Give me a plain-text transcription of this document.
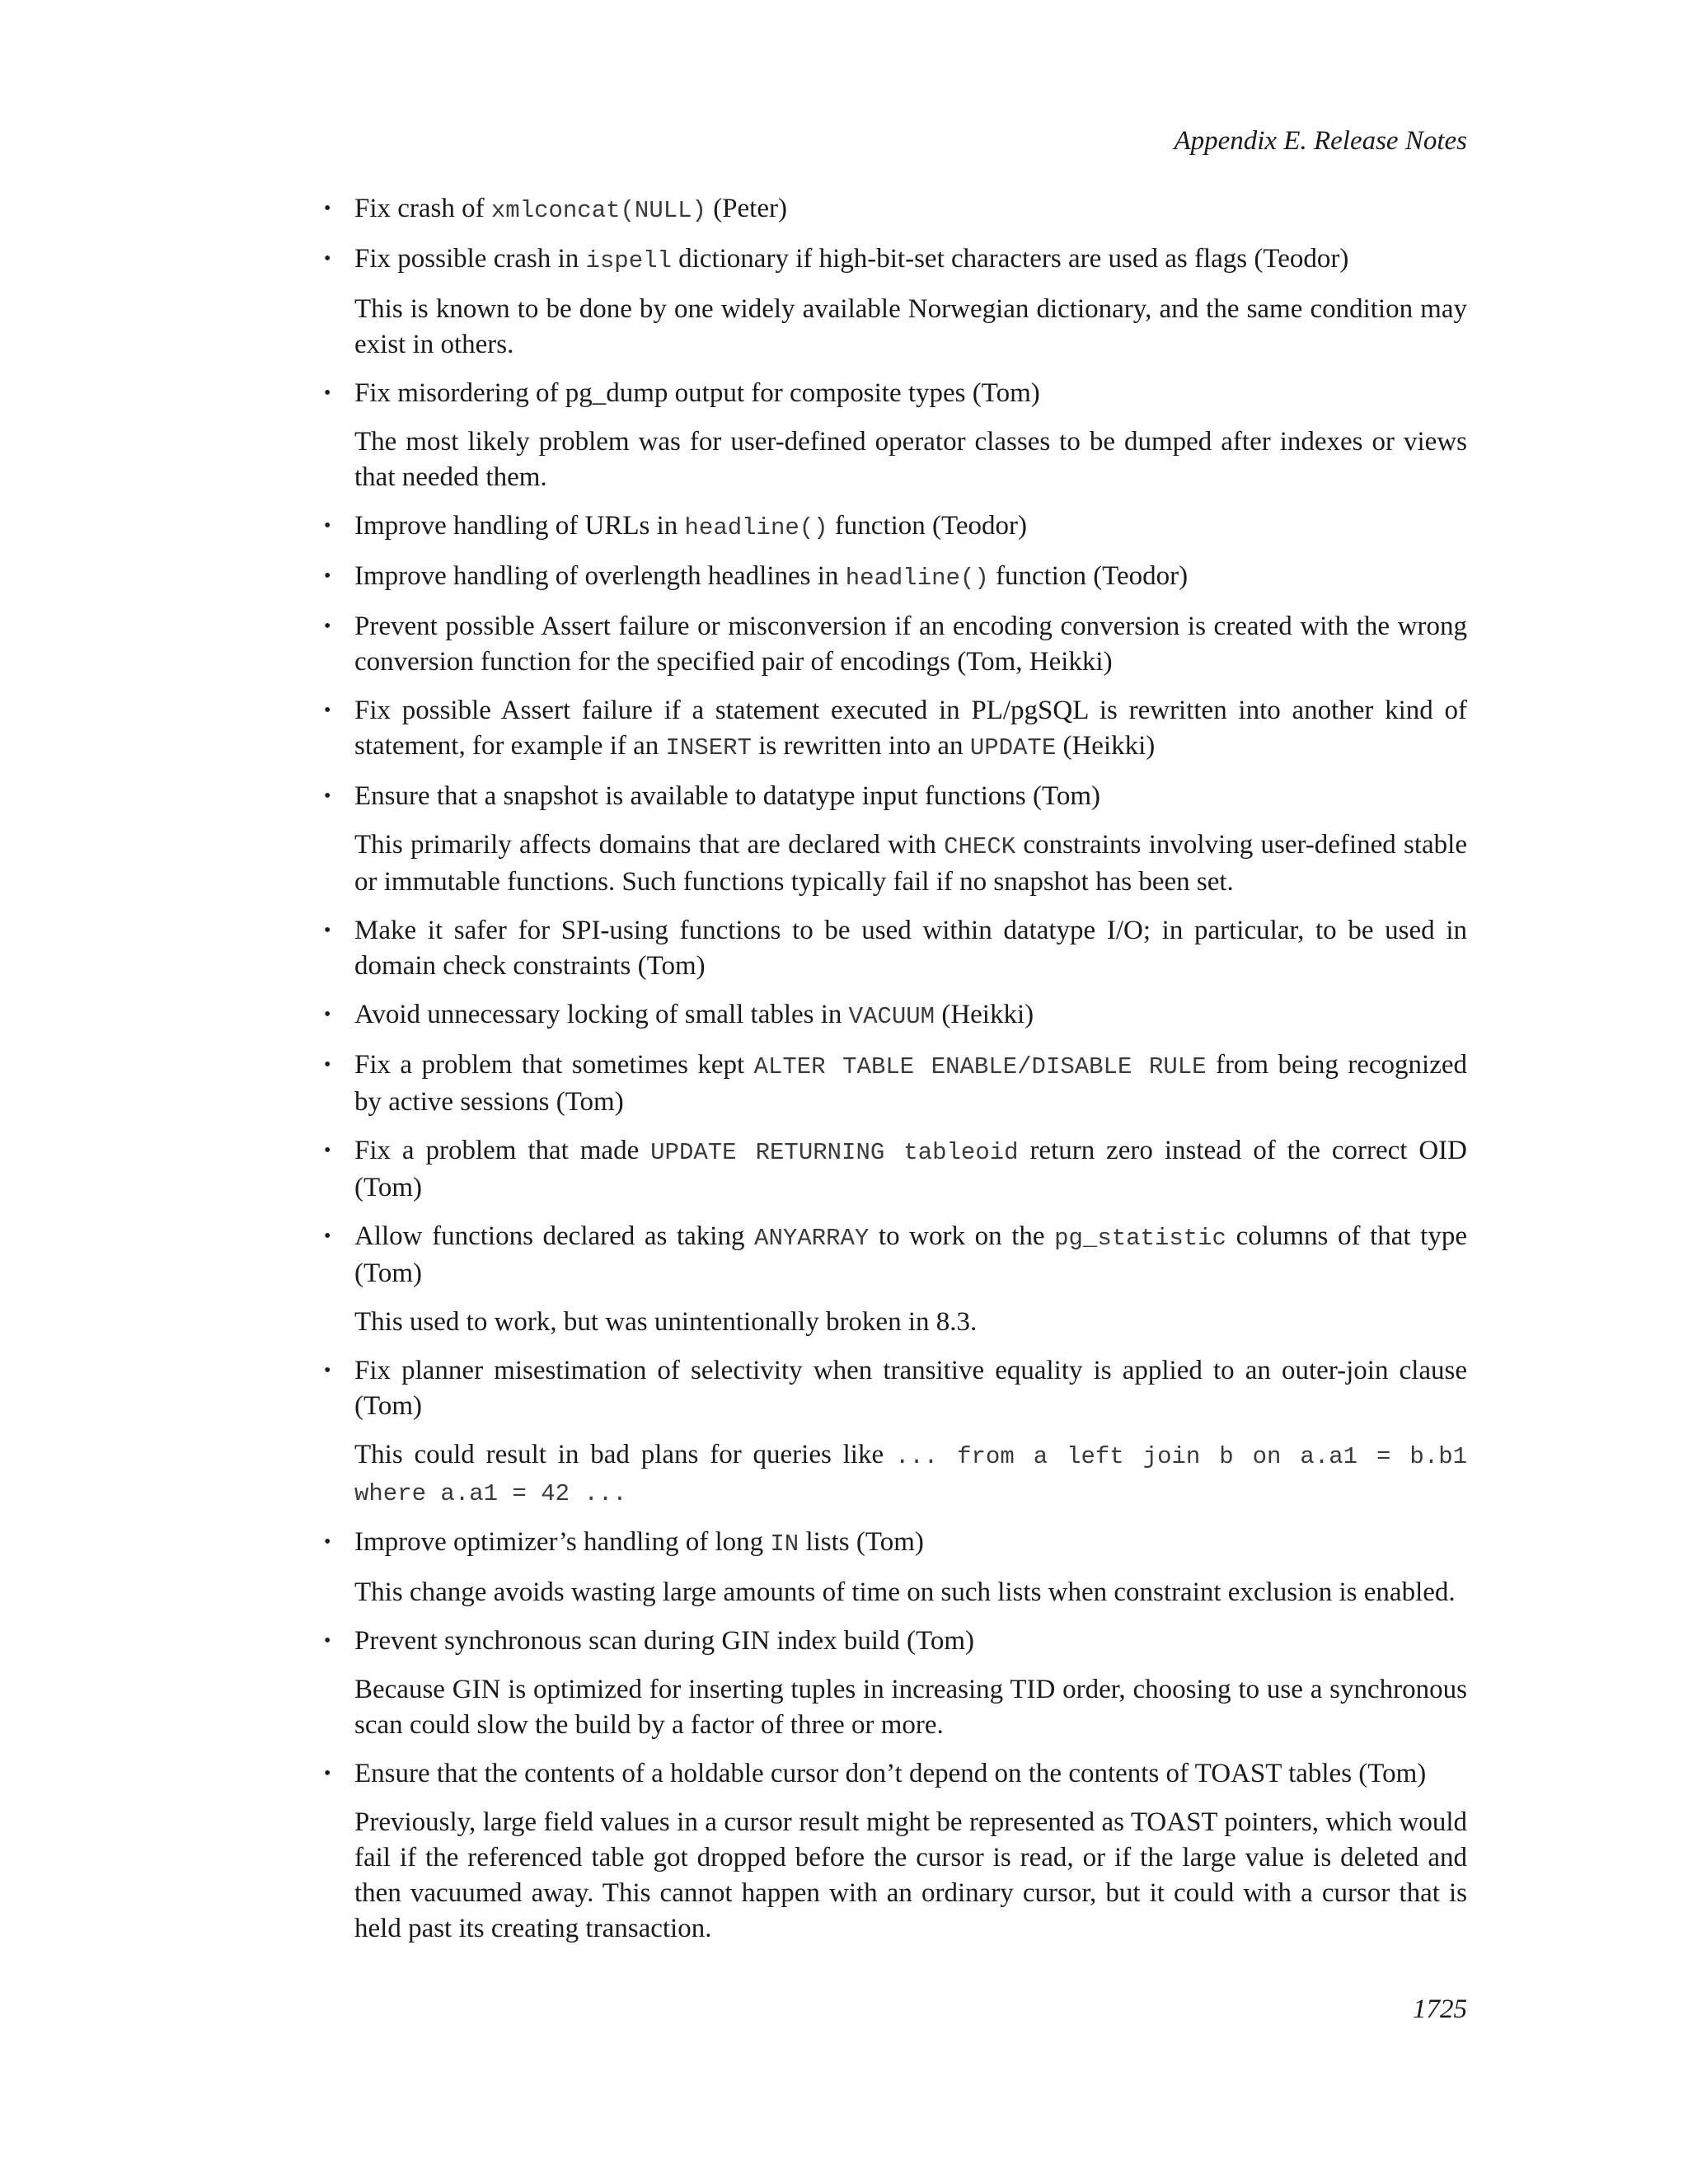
Appendix E. Release Notes
• Fix crash of xmlconcat(NULL) (Peter)

• Fix possible crash in ispell dictionary if high-bit-set characters are used as flags (Teodor)

This is known to be done by one widely available Norwegian dictionary, and the same condition may exist in others.

• Fix misordering of pg_dump output for composite types (Tom)

The most likely problem was for user-defined operator classes to be dumped after indexes or views that needed them.

• Improve handling of URLs in headline() function (Teodor)

• Improve handling of overlength headlines in headline() function (Teodor)

• Prevent possible Assert failure or misconversion if an encoding conversion is created with the wrong conversion function for the specified pair of encodings (Tom, Heikki)

• Fix possible Assert failure if a statement executed in PL/pgSQL is rewritten into another kind of statement, for example if an INSERT is rewritten into an UPDATE (Heikki)

• Ensure that a snapshot is available to datatype input functions (Tom)

This primarily affects domains that are declared with CHECK constraints involving user-defined stable or immutable functions. Such functions typically fail if no snapshot has been set.

• Make it safer for SPI-using functions to be used within datatype I/O; in particular, to be used in domain check constraints (Tom)

• Avoid unnecessary locking of small tables in VACUUM (Heikki)

• Fix a problem that sometimes kept ALTER TABLE ENABLE/DISABLE RULE from being recognized by active sessions (Tom)

• Fix a problem that made UPDATE RETURNING tableoid return zero instead of the correct OID (Tom)

• Allow functions declared as taking ANYARRAY to work on the pg_statistic columns of that type (Tom)

This used to work, but was unintentionally broken in 8.3.

• Fix planner misestimation of selectivity when transitive equality is applied to an outer-join clause (Tom)

This could result in bad plans for queries like ... from a left join b on a.a1 = b.b1 where a.a1 = 42 ...

• Improve optimizer’s handling of long IN lists (Tom)

This change avoids wasting large amounts of time on such lists when constraint exclusion is enabled.

• Prevent synchronous scan during GIN index build (Tom)

Because GIN is optimized for inserting tuples in increasing TID order, choosing to use a synchronous scan could slow the build by a factor of three or more.

• Ensure that the contents of a holdable cursor don’t depend on the contents of TOAST tables (Tom)

Previously, large field values in a cursor result might be represented as TOAST pointers, which would fail if the referenced table got dropped before the cursor is read, or if the large value is deleted and then vacuumed away. This cannot happen with an ordinary cursor, but it could with a cursor that is held past its creating transaction.

1725
